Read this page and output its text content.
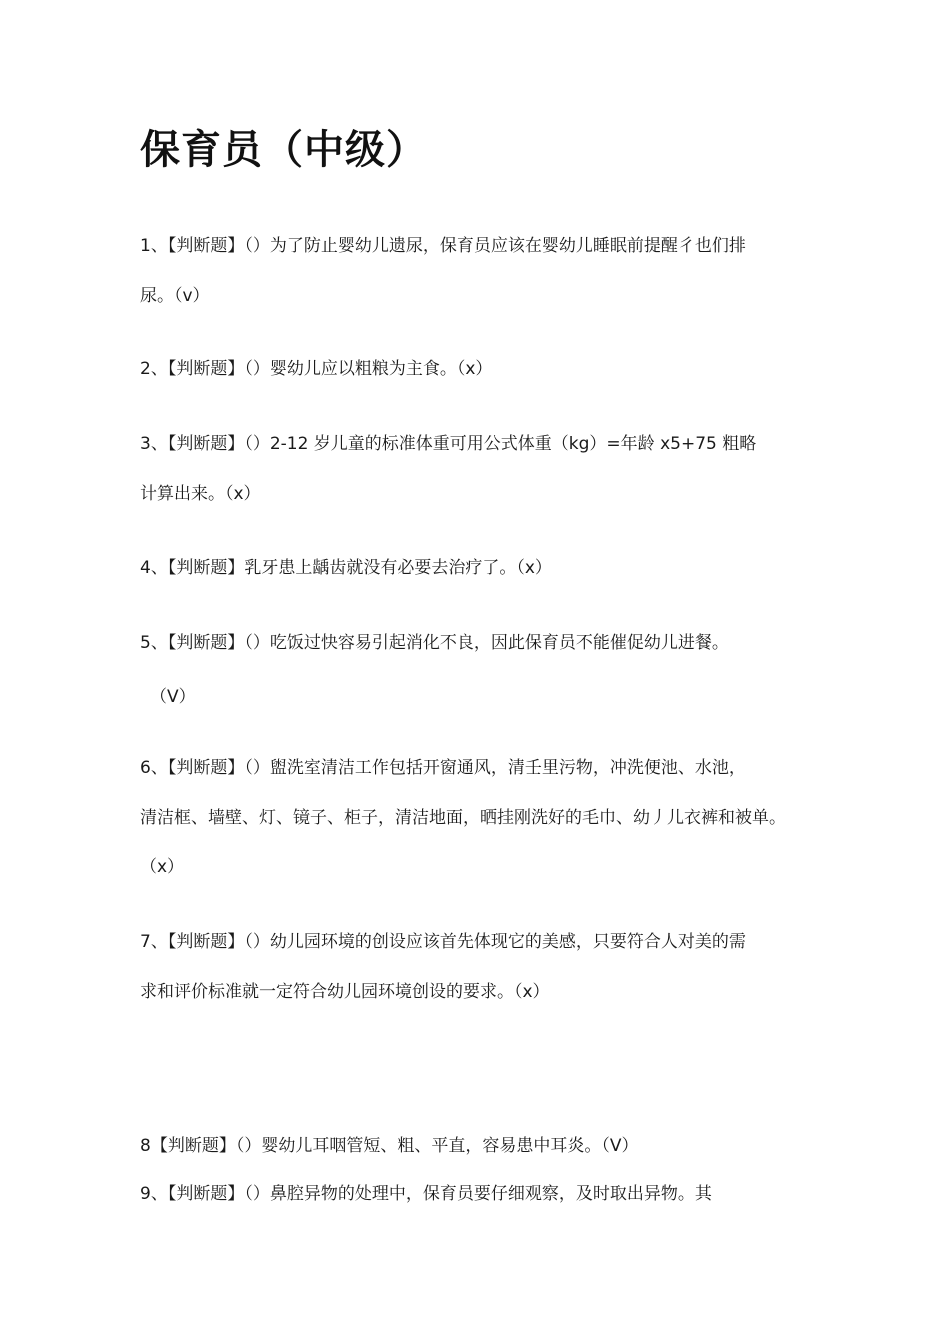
保育员（中级）
1、【判断题】（）为了防止婴幼儿遗尿，保育员应该在婴幼儿睡眠前提醒彳也们排
尿。（v）
2、【判断题】（）婴幼儿应以粗粮为主食。（x）
3、【判断题】（）2-12 岁儿童的标准体重可用公式体重（kg）=年龄 x5+75 粗略
计算出来。（x）
4、【判断题】乳牙患上龋齿就没有必要去治疗了。（x）
5、【判断题】（）吃饭过快容易引起消化不良，因此保育员不能催促幼儿进餐。
（V）
6、【判断题】（）盥洗室清洁工作包括开窗通风，清壬里污物，冲洗便池、水池，
清洁框、墙壁、灯、镜子、柜子，清洁地面，晒挂刚洗好的毛巾、幼丿儿衣裤和被单。
（x）
7、【判断题】（）幼儿园环境的创设应该首先体现它的美感，只要符合人对美的需
求和评价标准就一定符合幼儿园环境创设的要求。（x）
8【判断题】（）婴幼儿耳咽管短、粗、平直，容易患中耳炎。（V）
9、【判断题】（）鼻腔异物的处理中，保育员要仔细观察，及时取出异物。其
